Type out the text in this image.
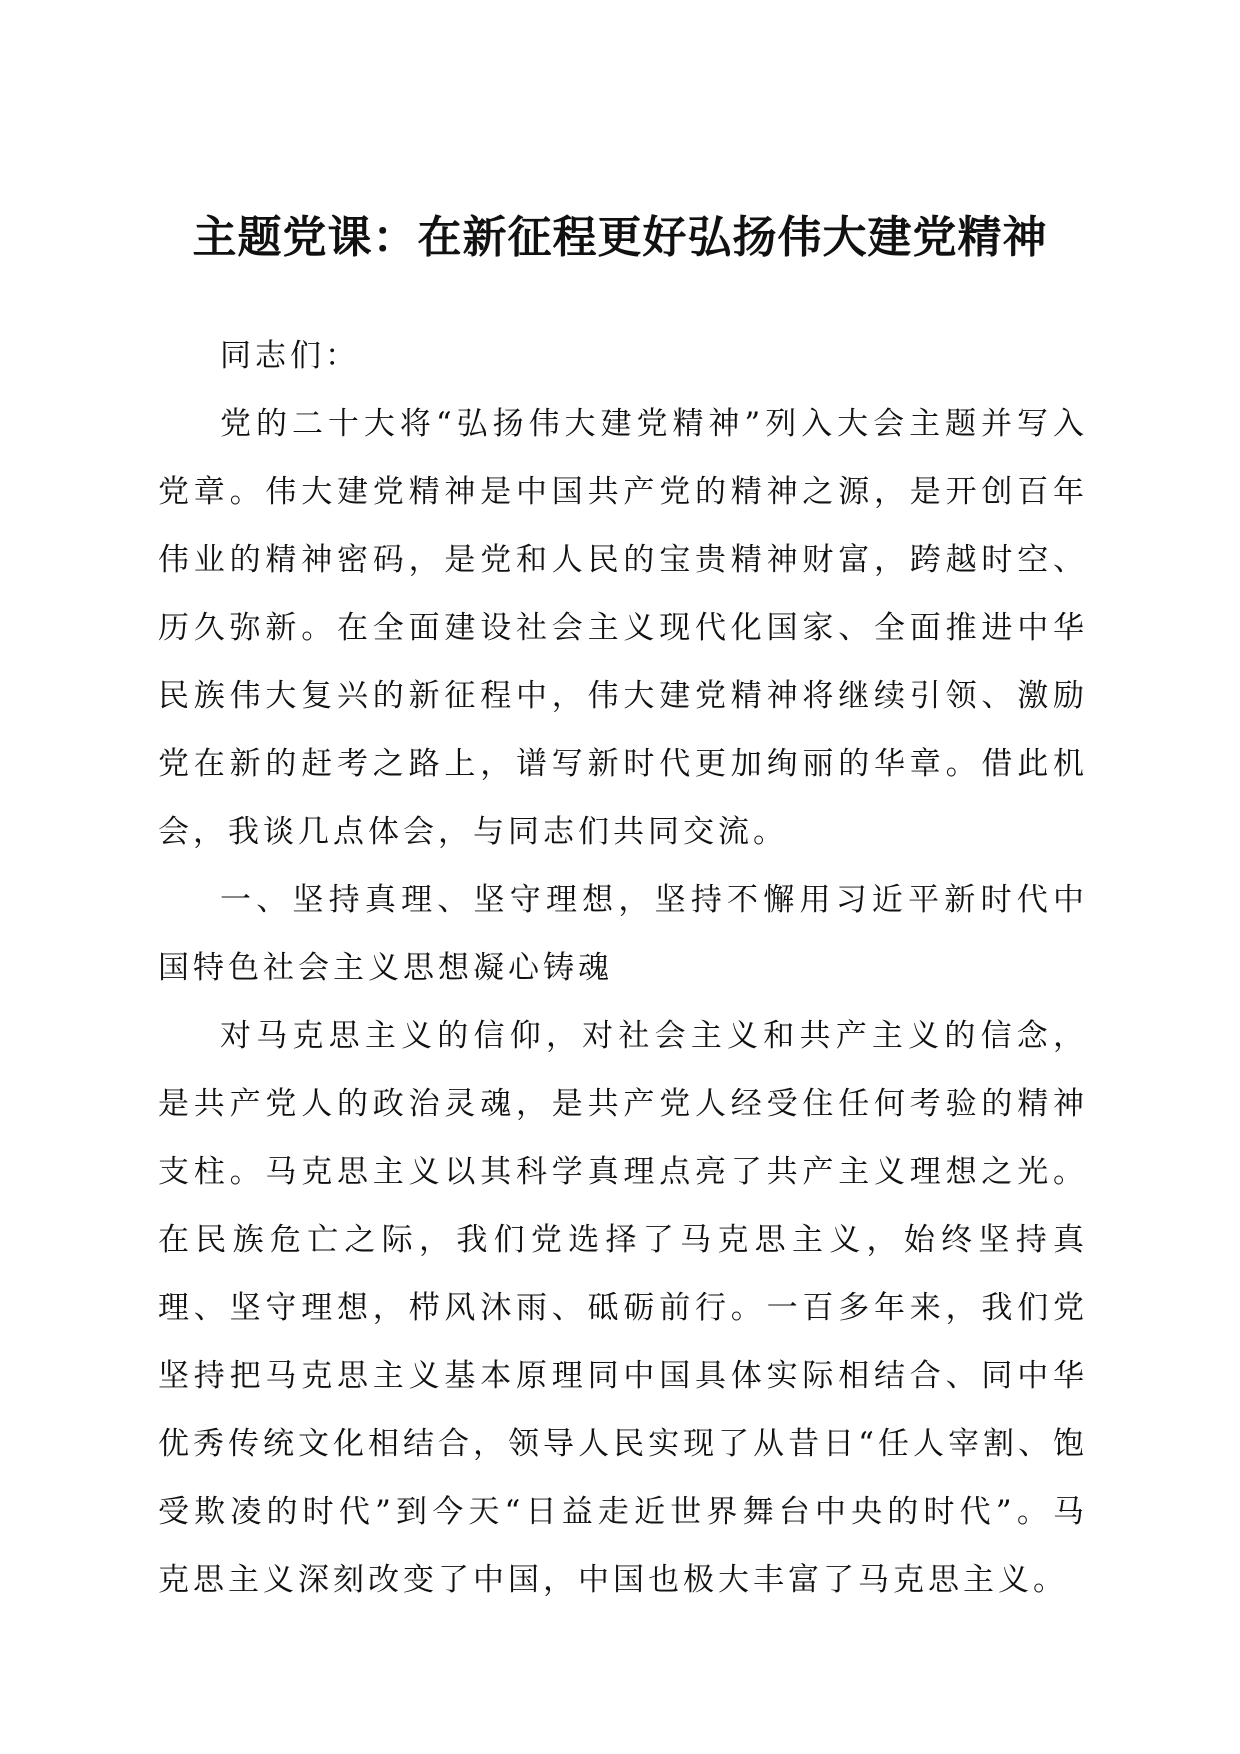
主题党课：在新征程更好弘扬伟大建党精神

同志们：

党的二十大将“弘扬伟大建党精神”列入大会主题并写入党章。伟大建党精神是中国共产党的精神之源，是开创百年伟业的精神密码，是党和人民的宝贵精神财富，跨越时空、历久弥新。在全面建设社会主义现代化国家、全面推进中华民族伟大复兴的新征程中，伟大建党精神将继续引领、激励党在新的赶考之路上，谱写新时代更加绚丽的华章。借此机会，我谈几点体会，与同志们共同交流。

一、坚持真理、坚守理想，坚持不懈用习近平新时代中国特色社会主义思想凝心铸魂

对马克思主义的信仰，对社会主义和共产主义的信念，是共产党人的政治灵魂，是共产党人经受住任何考验的精神支柱。马克思主义以其科学真理点亮了共产主义理想之光。在民族危亡之际，我们党选择了马克思主义，始终坚持真理、坚守理想，栉风沐雨、砥砺前行。一百多年来，我们党坚持把马克思主义基本原理同中国具体实际相结合、同中华优秀传统文化相结合，领导人民实现了从昔日“任人宰割、饱受欺凌的时代”到今天“日益走近世界舞台中央的时代”。马克思主义深刻改变了中国，中国也极大丰富了马克思主义。
